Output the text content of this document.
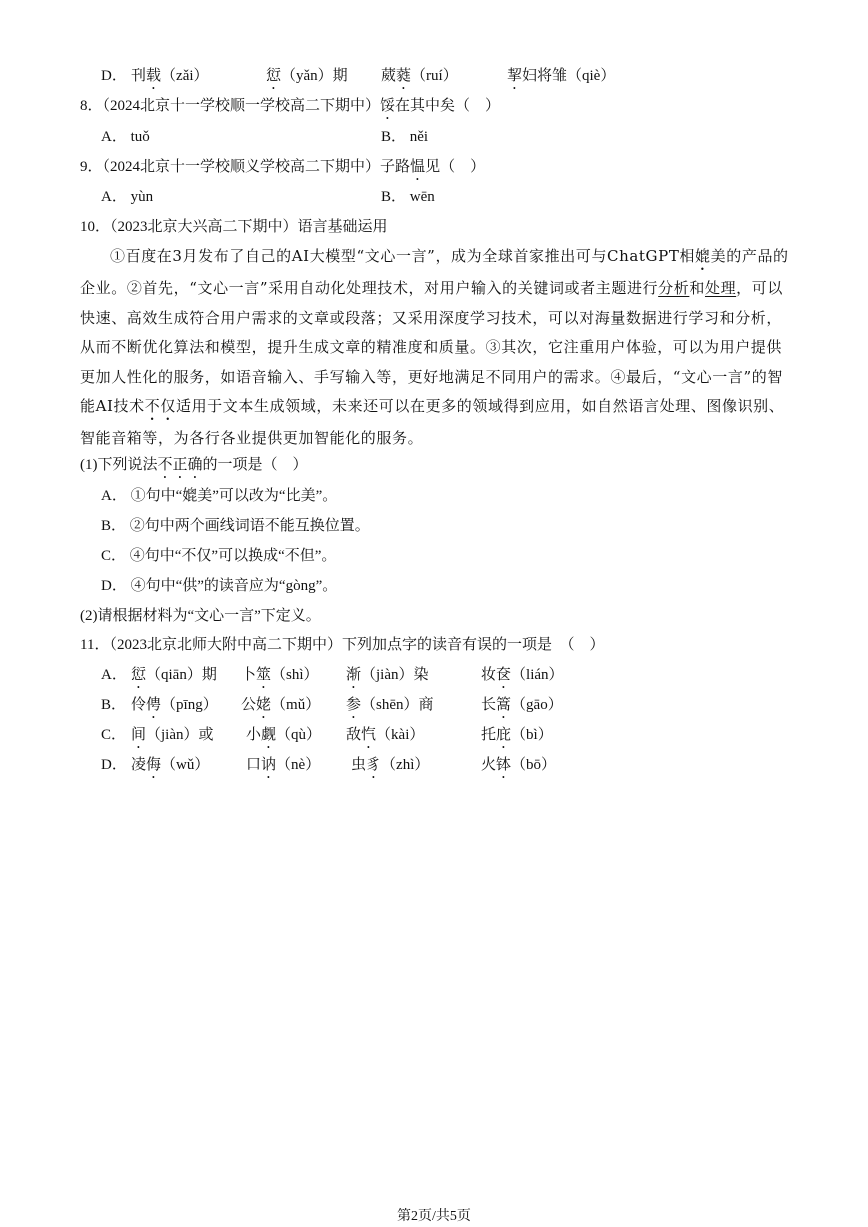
D． 刊载（zǎi）	愆（yǎn）期 葳蕤（ruí）	挈妇将雏（qiè）
8．（2024北京十一学校顺一学校高二下期中）馁在其中矣（　）
A． tuǒ	B． něi
9．（2024北京十一学校顺义学校高二下期中）子路愠见（　）
A． yùn	B． wēn
10．（2023北京大兴高二下期中）语言基础运用
①百度在3月发布了自己的AI大模型“文心一言”，成为全球首家推出可与ChatGPT相媲美的产品的企业。②首先，“文心一言”采用自动化处理技术，对用户输入的关键词或者主题进行分析和处理，可以快速、高效生成符合用户需求的文章或段落；又采用深度学习技术，可以对海量数据进行学习和分析，从而不断优化算法和模型，提升生成文章的精准度和质量。③其次，它注重用户体验，可以为用户提供更加人性化的服务，如语音输入、手写输入等，更好地满足不同用户的需求。④最后，“文心一言”的智能AI技术不仅适用于文本生成领域，未来还可以在更多的领域得到应用，如自然语言处理、图像识别、智能音箱等，为各行各业提供更加智能化的服务。
(1)下列说法不正确的一项是（　）
A． ①句中“媲美”可以改为“比美”。
B． ②句中两个画线词语不能互换位置。
C． ④句中“不仅”可以换成“不但”。
D． ④句中“供”的读音应为“gòng”。
(2)请根据材料为“文心一言”下定义。
11．（2023北京北师大附中高二下期中）下列加点字的读音有误的一项是　（　）
A． 愆（qiān）期 卜筮（shì） 渐（jiàn）染	妆奁（lián）
B． 伶俜（pīng） 公姥（mǔ） 参（shēn）商	长篙（gāo）
C． 间（jiàn）或 小觑（qù） 敌忾（kài）	托庇（bì）
D． 凌侮（wǔ） 口讷（nè） 虫豸（zhì）	火钵（bō）
第2页/共5页
